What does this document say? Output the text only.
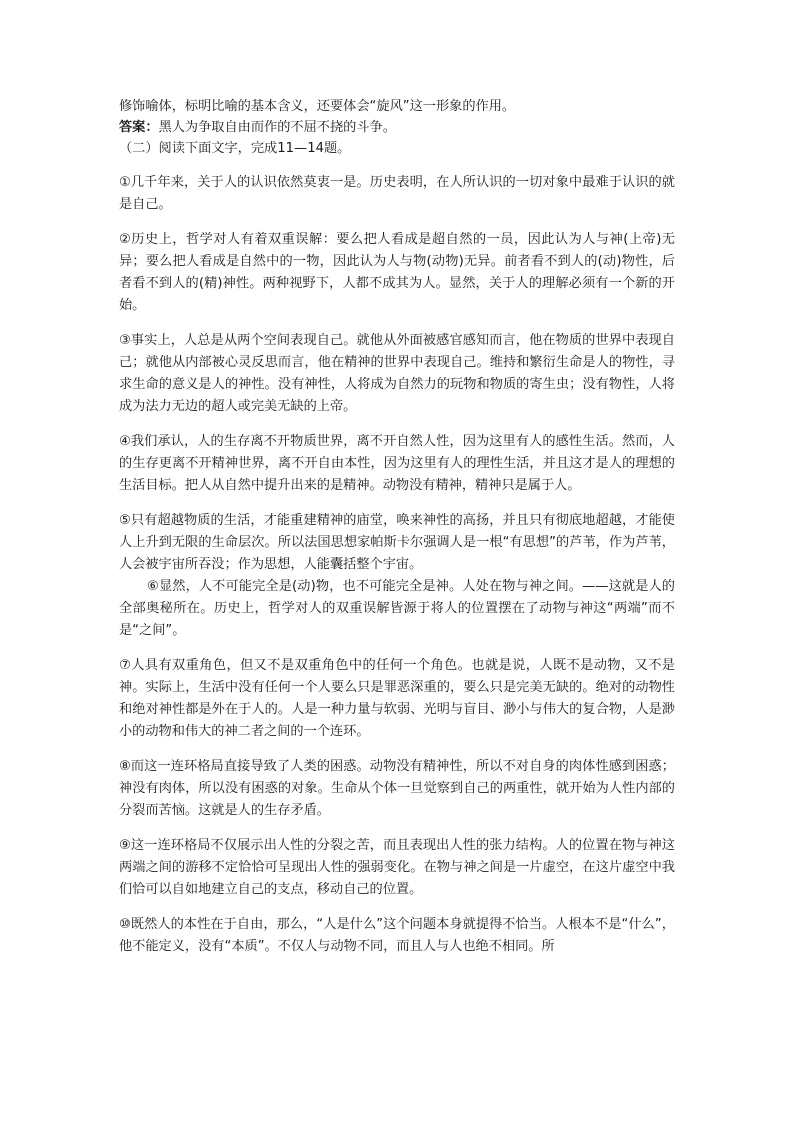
修饰喻体，标明比喻的基本含义，还要体会“旋风”这一形象的作用。

答案：黑人为争取自由而作的不屈不挠的斗争。

（二）阅读下面文字，完成11—14题。

①几千年来，关于人的认识依然莫衷一是。历史表明，在人所认识的一切对象中最难于认识的就是自己。

②历史上，哲学对人有着双重误解：要么把人看成是超自然的一员，因此认为人与神(上帝)无异；要么把人看成是自然中的一物，因此认为人与物(动物)无异。前者看不到人的(动)物性，后者看不到人的(精)神性。两种视野下，人都不成其为人。显然，关于人的理解必须有一个新的开始。

③事实上，人总是从两个空间表现自己。就他从外面被感官感知而言，他在物质的世界中表现自己；就他从内部被心灵反思而言，他在精神的世界中表现自己。维持和繁衍生命是人的物性，寻求生命的意义是人的神性。没有神性，人将成为自然力的玩物和物质的寄生虫；没有物性，人将成为法力无边的超人或完美无缺的上帝。

④我们承认，人的生存离不开物质世界，离不开自然人性，因为这里有人的感性生活。然而，人的生存更离不开精神世界，离不开自由本性，因为这里有人的理性生活，并且这才是人的理想的生活目标。把人从自然中提升出来的是精神。动物没有精神，精神只是属于人。

⑤只有超越物质的生活，才能重建精神的庙堂，唤来神性的高扬，并且只有彻底地超越，才能使人上升到无限的生命层次。所以法国思想家帕斯卡尔强调人是一根“有思想”的芦苇，作为芦苇，人会被宇宙所吞没；作为思想，人能囊括整个宇宙。

⑥显然，人不可能完全是(动)物，也不可能完全是神。人处在物与神之间。——这就是人的全部奥秘所在。历史上，哲学对人的双重误解皆源于将人的位置摆在了动物与神这“两端”而不是“之间”。

⑦人具有双重角色，但又不是双重角色中的任何一个角色。也就是说，人既不是动物，又不是神。实际上，生活中没有任何一个人要么只是罪恶深重的，要么只是完美无缺的。绝对的动物性和绝对神性都是外在于人的。人是一种力量与软弱、光明与盲目、渺小与伟大的复合物，人是渺小的动物和伟大的神二者之间的一个连环。

⑧而这一连环格局直接导致了人类的困惑。动物没有精神性，所以不对自身的肉体性感到困惑；神没有肉体，所以没有困惑的对象。生命从个体一旦觉察到自己的两重性，就开始为人性内部的分裂而苦恼。这就是人的生存矛盾。

⑨这一连环格局不仅展示出人性的分裂之苦，而且表现出人性的张力结构。人的位置在物与神这两端之间的游移不定恰恰可呈现出人性的强弱变化。在物与神之间是一片虚空，在这片虚空中我们恰可以自如地建立自己的支点，移动自己的位置。

⑩既然人的本性在于自由，那么，“人是什么”这个问题本身就提得不恰当。人根本不是“什么”，他不能定义，没有“本质”。不仅人与动物不同，而且人与人也绝不相同。所
